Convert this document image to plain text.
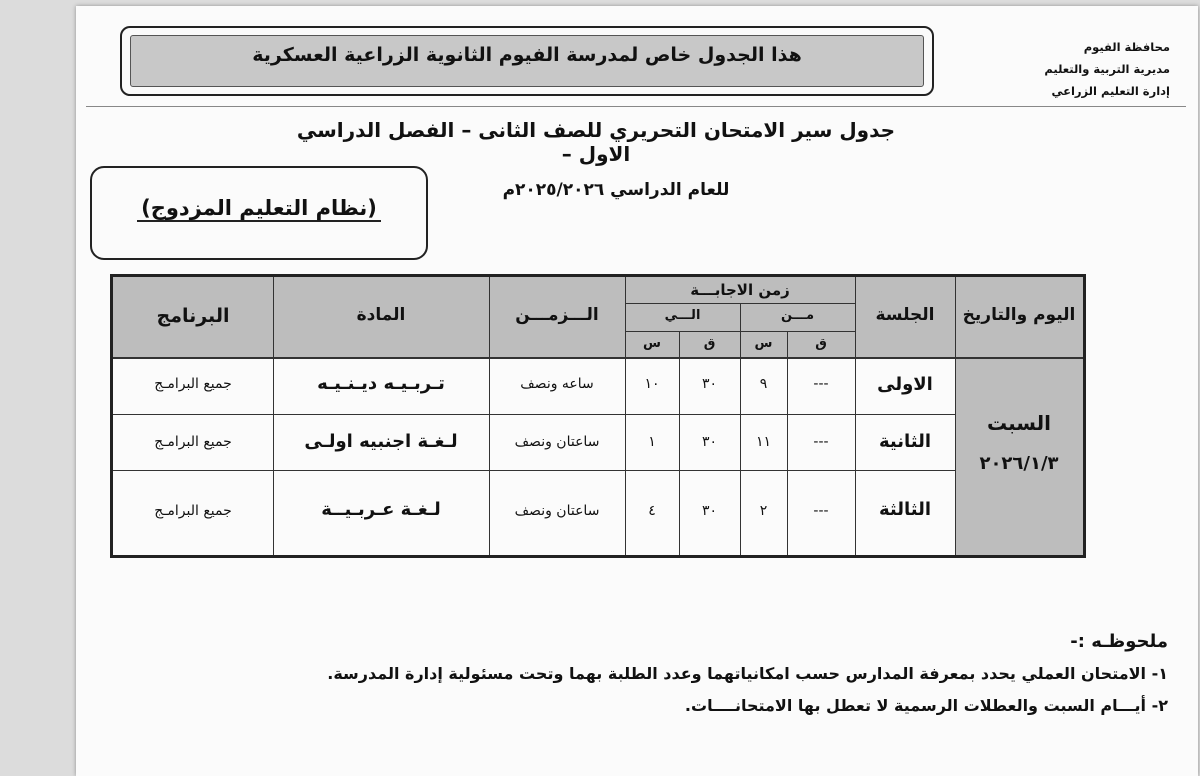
محافظة الفيوم
مديرية التربية والتعليم
إدارة التعليم الزراعي
هذا الجدول خاص لمدرسة الفيوم الثانوية الزراعية العسكرية
جدول سير الامتحان التحريري للصف الثانى – الفصل الدراسي الاول –
للعام الدراسي ٢٠٢٥/٢٠٢٦م
(نظام التعليم المزدوج)
اليوم والتاريخ
الجلسة
زمن الاجابـــة
مـــن
الـــي
ق
س
ق
س
الـــزمـــن
المادة
البرنامج
السبت
٢٠٢٦/١/٣
الاولى
---
٩
٣٠
١٠
ساعه ونصف
تـربـيـه ديـنـيـه
جميع البرامـج
الثانية
---
١١
٣٠
١
ساعتان ونصف
لـغـة اجنبيه اولـى
جميع البرامـج
الثالثة
---
٢
٣٠
٤
ساعتان ونصف
لـغـة عـربـيــة
جميع البرامـج
ملحوظـه :-
١- الامتحان العملي يحدد بمعرفة المدارس حسب امكانياتهما وعدد الطلبة بهما وتحت مسئولية إدارة المدرسة.
٢- أيـــام السبت والعطلات الرسمية لا تعطل بها الامتحانــــات.
